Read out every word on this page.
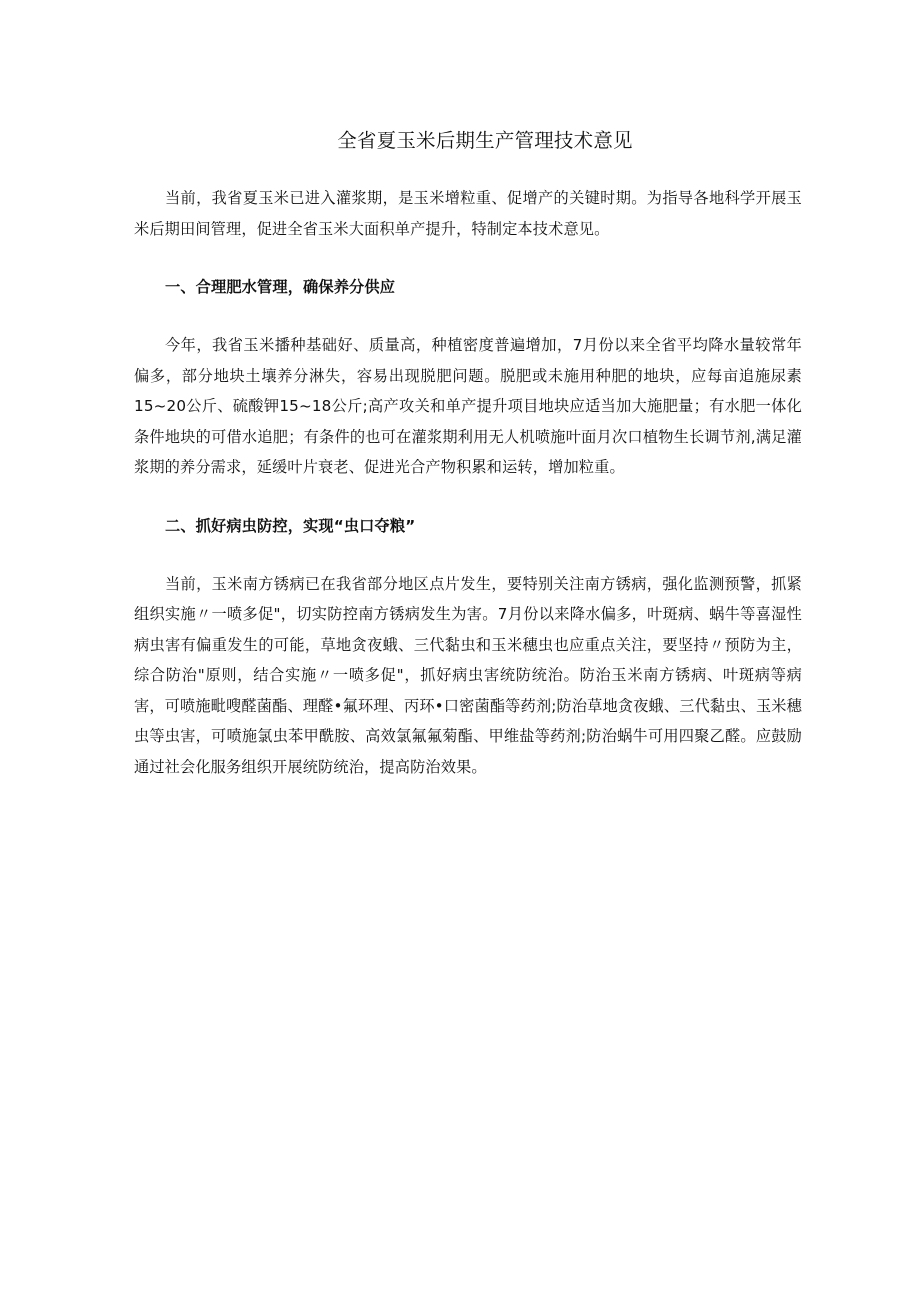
全省夏玉米后期生产管理技术意见

当前，我省夏玉米已进入灌浆期，是玉米增粒重、促增产的关键时期。为指导各地科学开展玉米后期田间管理，促进全省玉米大面积单产提升，特制定本技术意见。

一、合理肥水管理，确保养分供应

今年，我省玉米播种基础好、质量高，种植密度普遍增加，7月份以来全省平均降水量较常年偏多，部分地块土壤养分淋失，容易出现脱肥问题。脱肥或未施用种肥的地块，应每亩追施尿素15~20公斤、硫酸钾15~18公斤;高产攻关和单产提升项目地块应适当加大施肥量；有水肥一体化条件地块的可借水追肥；有条件的也可在灌浆期利用无人机喷施叶面月次口植物生长调节剂,满足灌浆期的养分需求，延缓叶片衰老、促进光合产物积累和运转，增加粒重。

二、抓好病虫防控，实现“虫口夺粮”

当前，玉米南方锈病已在我省部分地区点片发生，要特别关注南方锈病，强化监测预警，抓紧组织实施〃一喷多促"，切实防控南方锈病发生为害。7月份以来降水偏多，叶斑病、蜗牛等喜湿性病虫害有偏重发生的可能，草地贪夜蛾、三代黏虫和玉米穗虫也应重点关注，要坚持〃预防为主，综合防治"原则，结合实施〃一喷多促"，抓好病虫害统防统治。防治玉米南方锈病、叶斑病等病害，可喷施毗嗖醛菌酯、理醛•氟环理、丙环•口密菌酯等药剂;防治草地贪夜蛾、三代黏虫、玉米穗虫等虫害，可喷施氯虫苯甲酰胺、高效氯氟氟菊酯、甲维盐等药剂;防治蜗牛可用四聚乙醛。应鼓励通过社会化服务组织开展统防统治，提高防治效果。
